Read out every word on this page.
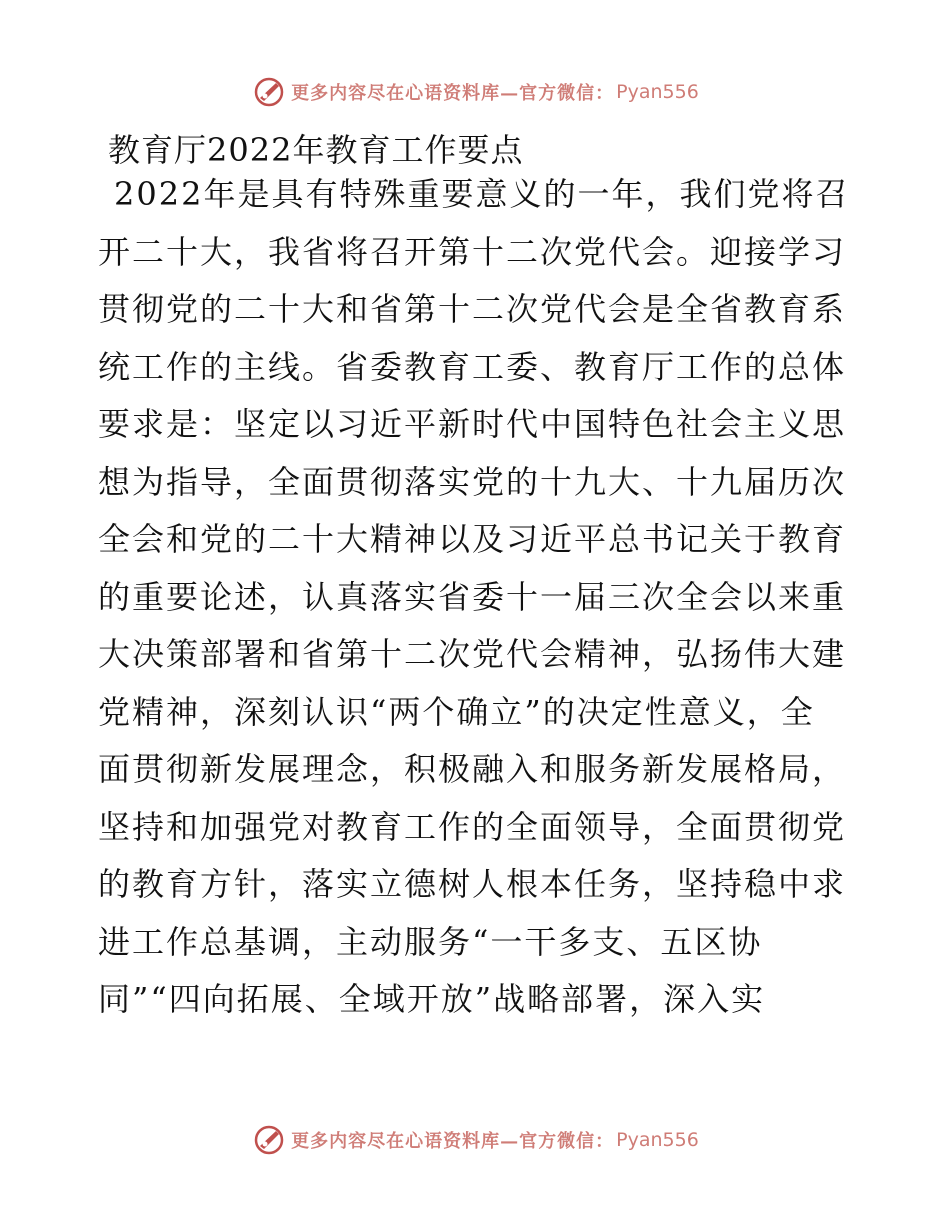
更多内容尽在心语资料库—官方微信： Pyan556
教育厅2022年教育工作要点
2022年是具有特殊重要意义的一年，我们党将召
开二十大，我省将召开第十二次党代会。迎接学习
贯彻党的二十大和省第十二次党代会是全省教育系
统工作的主线。省委教育工委、教育厅工作的总体
要求是：坚定以习近平新时代中国特色社会主义思
想为指导，全面贯彻落实党的十九大、十九届历次
全会和党的二十大精神以及习近平总书记关于教育
的重要论述，认真落实省委十一届三次全会以来重
大决策部署和省第十二次党代会精神，弘扬伟大建
党精神，深刻认识“两个确立”的决定性意义，全
面贯彻新发展理念，积极融入和服务新发展格局，
坚持和加强党对教育工作的全面领导，全面贯彻党
的教育方针，落实立德树人根本任务，坚持稳中求
进工作总基调，主动服务“一干多支、五区协
同”“四向拓展、全域开放”战略部署，深入实
更多内容尽在心语资料库—官方微信： Pyan556
